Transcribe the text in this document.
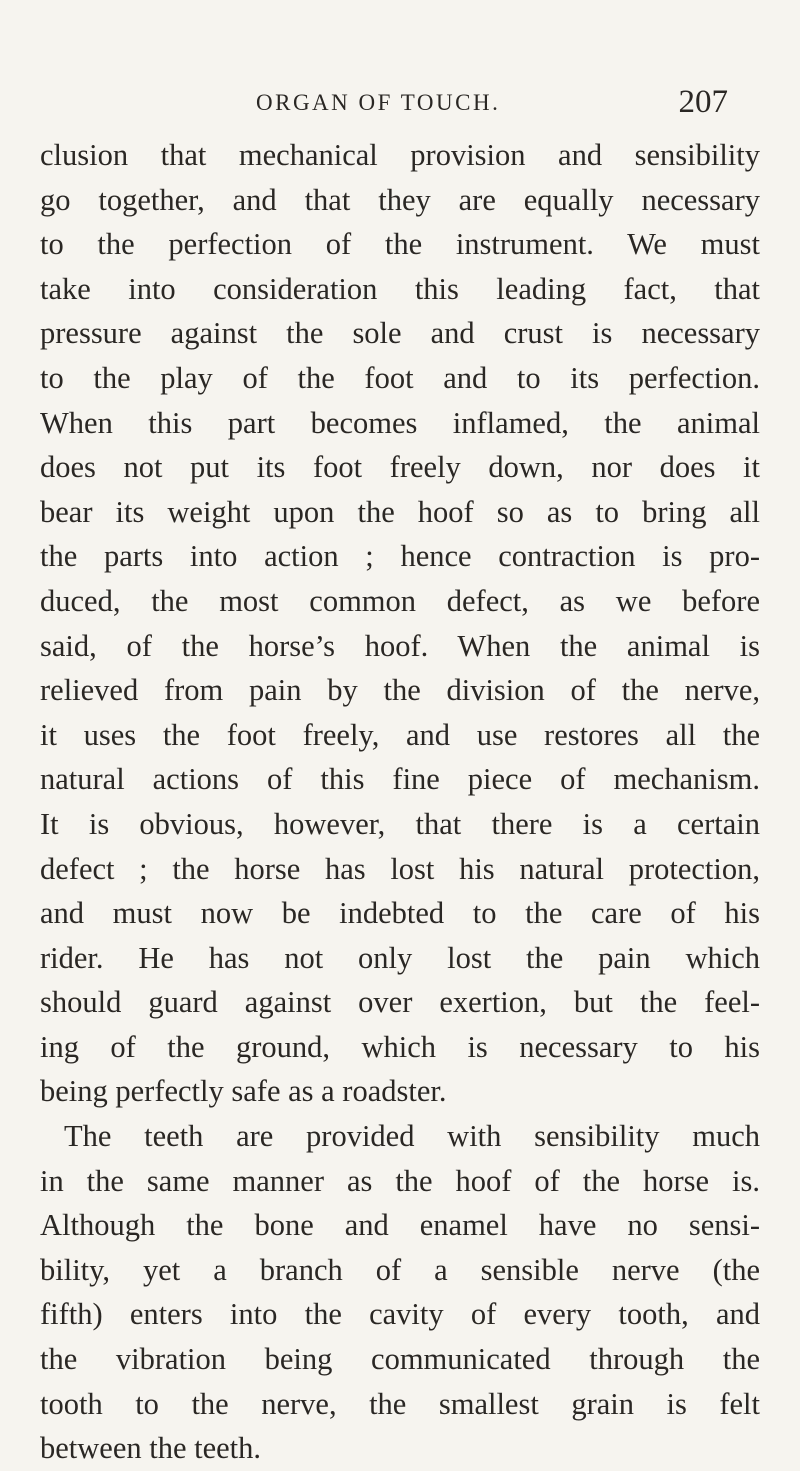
ORGAN OF TOUCH.	207
clusion that mechanical provision and sensibility
go together, and that they are equally necessary
to the perfection of the instrument. We must
take into consideration this leading fact, that
pressure against the sole and crust is necessary
to the play of the foot and to its perfection.
When this part becomes inflamed, the animal
does not put its foot freely down, nor does it
bear its weight upon the hoof so as to bring all
the parts into action ; hence contraction is pro-
duced, the most common defect, as we before
said, of the horse’s hoof. When the animal is
relieved from pain by the division of the nerve,
it uses the foot freely, and use restores all the
natural actions of this fine piece of mechanism.
It is obvious, however, that there is a certain
defect ; the horse has lost his natural protection,
and must now be indebted to the care of his
rider. He has not only lost the pain which
should guard against over exertion, but the feel-
ing of the ground, which is necessary to his
being perfectly safe as a roadster.
The teeth are provided with sensibility much
in the same manner as the hoof of the horse is.
Although the bone and enamel have no sensi-
bility, yet a branch of a sensible nerve (the
fifth) enters into the cavity of every tooth, and
the vibration being communicated through the
tooth to the nerve, the smallest grain is felt
between the teeth.
